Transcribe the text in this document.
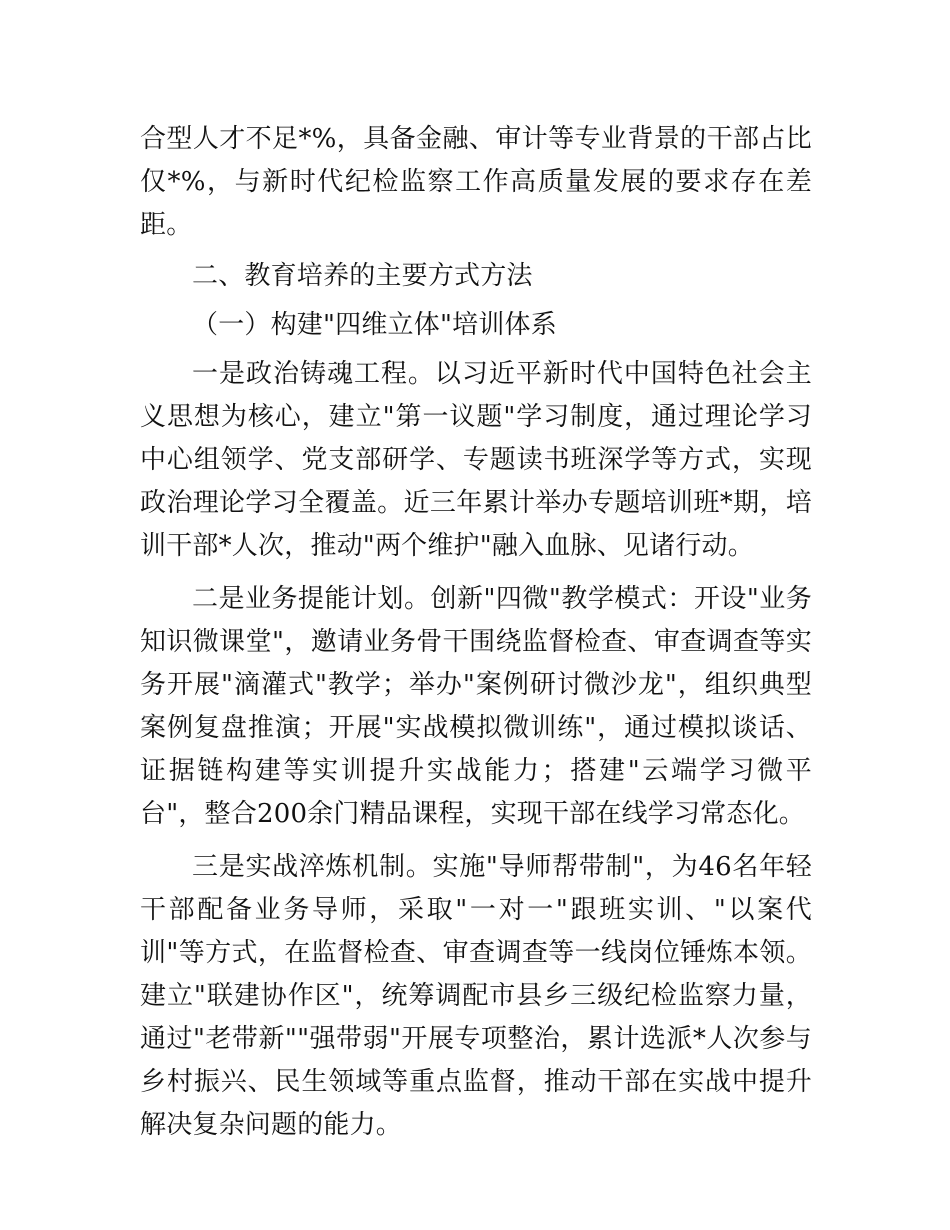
合型人才不足*%，具备金融、审计等专业背景的干部占比仅*%，与新时代纪检监察工作高质量发展的要求存在差距。

二、教育培养的主要方式方法

（一）构建"四维立体"培训体系

一是政治铸魂工程。以习近平新时代中国特色社会主义思想为核心，建立"第一议题"学习制度，通过理论学习中心组领学、党支部研学、专题读书班深学等方式，实现政治理论学习全覆盖。近三年累计举办专题培训班*期，培训干部*人次，推动"两个维护"融入血脉、见诸行动。

二是业务提能计划。创新"四微"教学模式：开设"业务知识微课堂"，邀请业务骨干围绕监督检查、审查调查等实务开展"滴灌式"教学；举办"案例研讨微沙龙"，组织典型案例复盘推演；开展"实战模拟微训练"，通过模拟谈话、证据链构建等实训提升实战能力；搭建"云端学习微平台"，整合200余门精品课程，实现干部在线学习常态化。

三是实战淬炼机制。实施"导师帮带制"，为46名年轻干部配备业务导师，采取"一对一"跟班实训、"以案代训"等方式，在监督检查、审查调查等一线岗位锤炼本领。建立"联建协作区"，统筹调配市县乡三级纪检监察力量，通过"老带新""强带弱"开展专项整治，累计选派*人次参与乡村振兴、民生领域等重点监督，推动干部在实战中提升解决复杂问题的能力。
